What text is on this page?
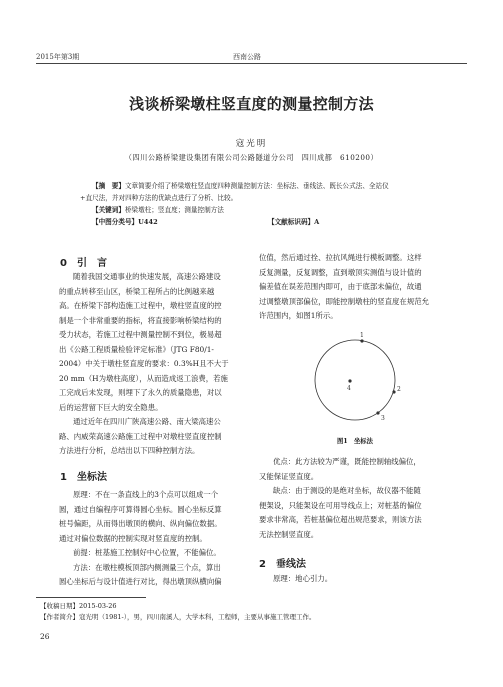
2015年第3期	西南公路
浅谈桥梁墩柱竖直度的测量控制方法
寇光明
（四川公路桥梁建设集团有限公司公路隧道分公司　四川成都　610200）
【摘　要】文章简要介绍了桥梁墩柱竖直度四种测量控制方法：坐标法、垂线法、既长公式法、全站仪
+直尺法，并对四种方法的优缺点进行了分析、比较。
【关键词】桥梁墩柱；竖直度；测量控制方法
【中图分类号】U442	【文献标识码】A
0　引　言
随着我国交通事业的快速发展，高速公路建设
的重点转移至山区，桥梁工程所占的比例越来越
高。在桥梁下部构造施工过程中，墩柱竖直度的控
制是一个非常重要的指标，将直接影响桥梁结构的
受力状态，若施工过程中测量控制不到位，极易超
出《公路工程质量检验评定标准》（JTG F80/1-
2004）中关于墩柱竖直度的要求：0.3%H且不大于
20 mm（H为墩柱高度），从而造成返工浪费，若施
工完成后未发现，则埋下了永久的质量隐患，对以
后的运营留下巨大的安全隐患。
通过近年在四川广陕高速公路、南大梁高速公
路、内威荣高速公路施工过程中对墩柱竖直度控制
方法进行分析，总结出以下四种控制方法。
1　坐标法
原理：不在一条直线上的3个点可以组成一个
圆，通过自编程序可算得圆心坐标。圆心坐标反算
桩号偏距，从而得出墩顶的横向、纵向偏位数据。
通过对偏位数据的控制实现对竖直度的控制。
前提：桩基施工控制好中心位置，不能偏位。
方法：在墩柱模板顶部内侧测量三个点，算出
圆心坐标后与设计值进行对比，得出墩顶纵横向偏
位值，然后通过拴、拉抗风绳进行模板调整。这样
反复测量，反复调整，直到墩顶实测值与设计值的
偏差值在误差范围内即可，由于底部未偏位，故通
过调整墩顶部偏位，即能控制墩柱的竖直度在规范允
许范围内，如图1所示。
1
2
3
4
图1　坐标法
优点：此方法较为严谨，既能控制轴线偏位，
又能保证竖直度。
缺点：由于测设的是绝对坐标，故仪器不能随
便架设，只能架设在可用导线点上；对桩基的偏位
要求非常高，若桩基偏位超出规范要求，则该方法
无法控制竖直度。
2　垂线法
原理：地心引力。
【收稿日期】2015-03-26
【作者简介】寇光明（1981-），男，四川南溪人，大学本科，工程师，主要从事施工管理工作。
26
